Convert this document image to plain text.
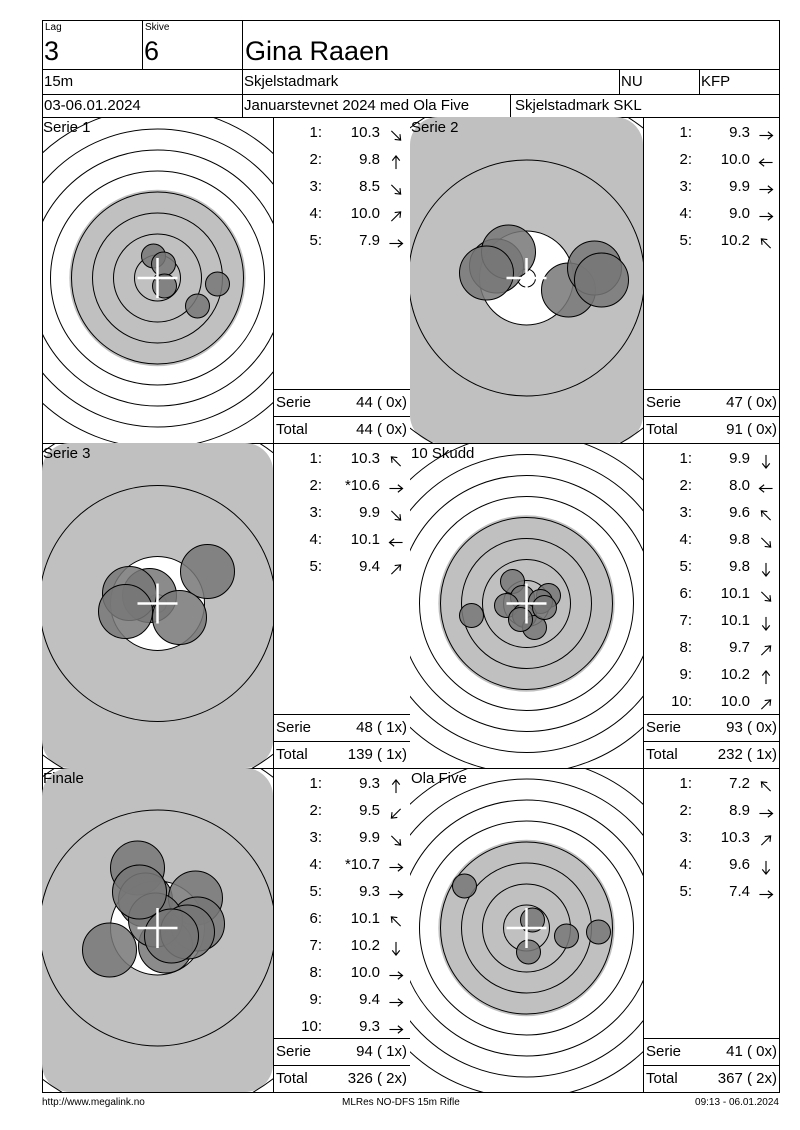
Lag
3
Skive
6	Gina Raaen
15m	Skjelstadmark	NU	KFP
03-06.01.2024	Januarstevnet 2024 med Ola Five	Skjelstadmark SKL
Serie 1	1:	10.3
2:	9.8
3:	8.5
4:	10.0
5:	7.9
Serie	44 ( 0x)
Total	44 ( 0x)
Serie 2	1:	9.3
2:	10.0
3:	9.9
4:	9.0
5:	10.2
Serie	47 ( 0x)
Total	91 ( 0x)
Serie 3	1:	10.3
2:	*10.6
3:	9.9
4:	10.1
5:	9.4
Serie	48 ( 1x)
Total	139 ( 1x)
10 Skudd	1:	9.9
2:	8.0
3:	9.6
4:	9.8
5:	9.8
6:	10.1
7:	10.1
8:	9.7
9:	10.2
10:	10.0
Serie	93 ( 0x)
Total	232 ( 1x)
Finale	1:	9.3
2:	9.5
3:	9.9
4:	*10.7
5:	9.3
6:	10.1
7:	10.2
8:	10.0
9:	9.4
10:	9.3
Serie	94 ( 1x)
Total	326 ( 2x)
Ola Five	1:	7.2
2:	8.9
3:	10.3
4:	9.6
5:	7.4
Serie	41 ( 0x)
Total	367 ( 2x)
http://www.megalink.no	MLRes NO-DFS 15m Rifle	09:13 - 06.01.2024
